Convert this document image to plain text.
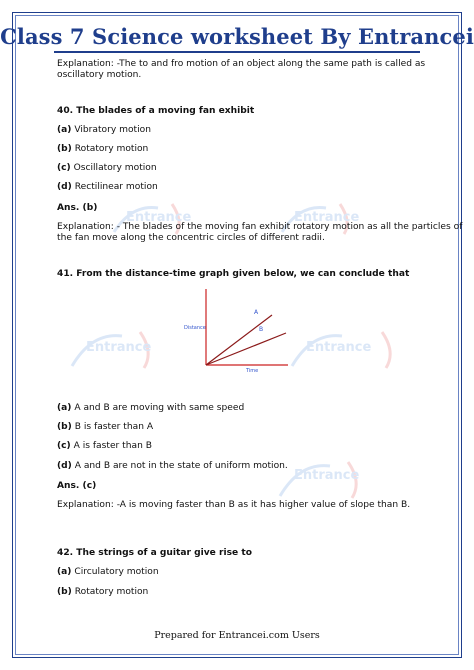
Class 7 Science worksheet By Entrancei
Entrance	Entrance
Entrance	Entrance
Entrance
Explanation: -The to and fro motion of an object along the same path is called as
oscillatory motion.
40. The blades of a moving fan exhibit
(a) Vibratory motion
(b) Rotatory motion
(c) Oscillatory motion
(d) Rectilinear motion
Ans. (b)
Explanation: - The blades of the moving fan exhibit rotatory motion as all the particles of
the fan move along the concentric circles of different radii.
41. From the distance-time graph given below, we can conclude that
Distance
Time
A
B
(a) A and B are moving with same speed
(b) B is faster than A
(c) A is faster than B
(d) A and B are not in the state of uniform motion.
Ans. (c)
Explanation: -A is moving faster than B as it has higher value of slope than B.
42. The strings of a guitar give rise to
(a) Circulatory motion
(b) Rotatory motion
Prepared for Entrancei.com Users
